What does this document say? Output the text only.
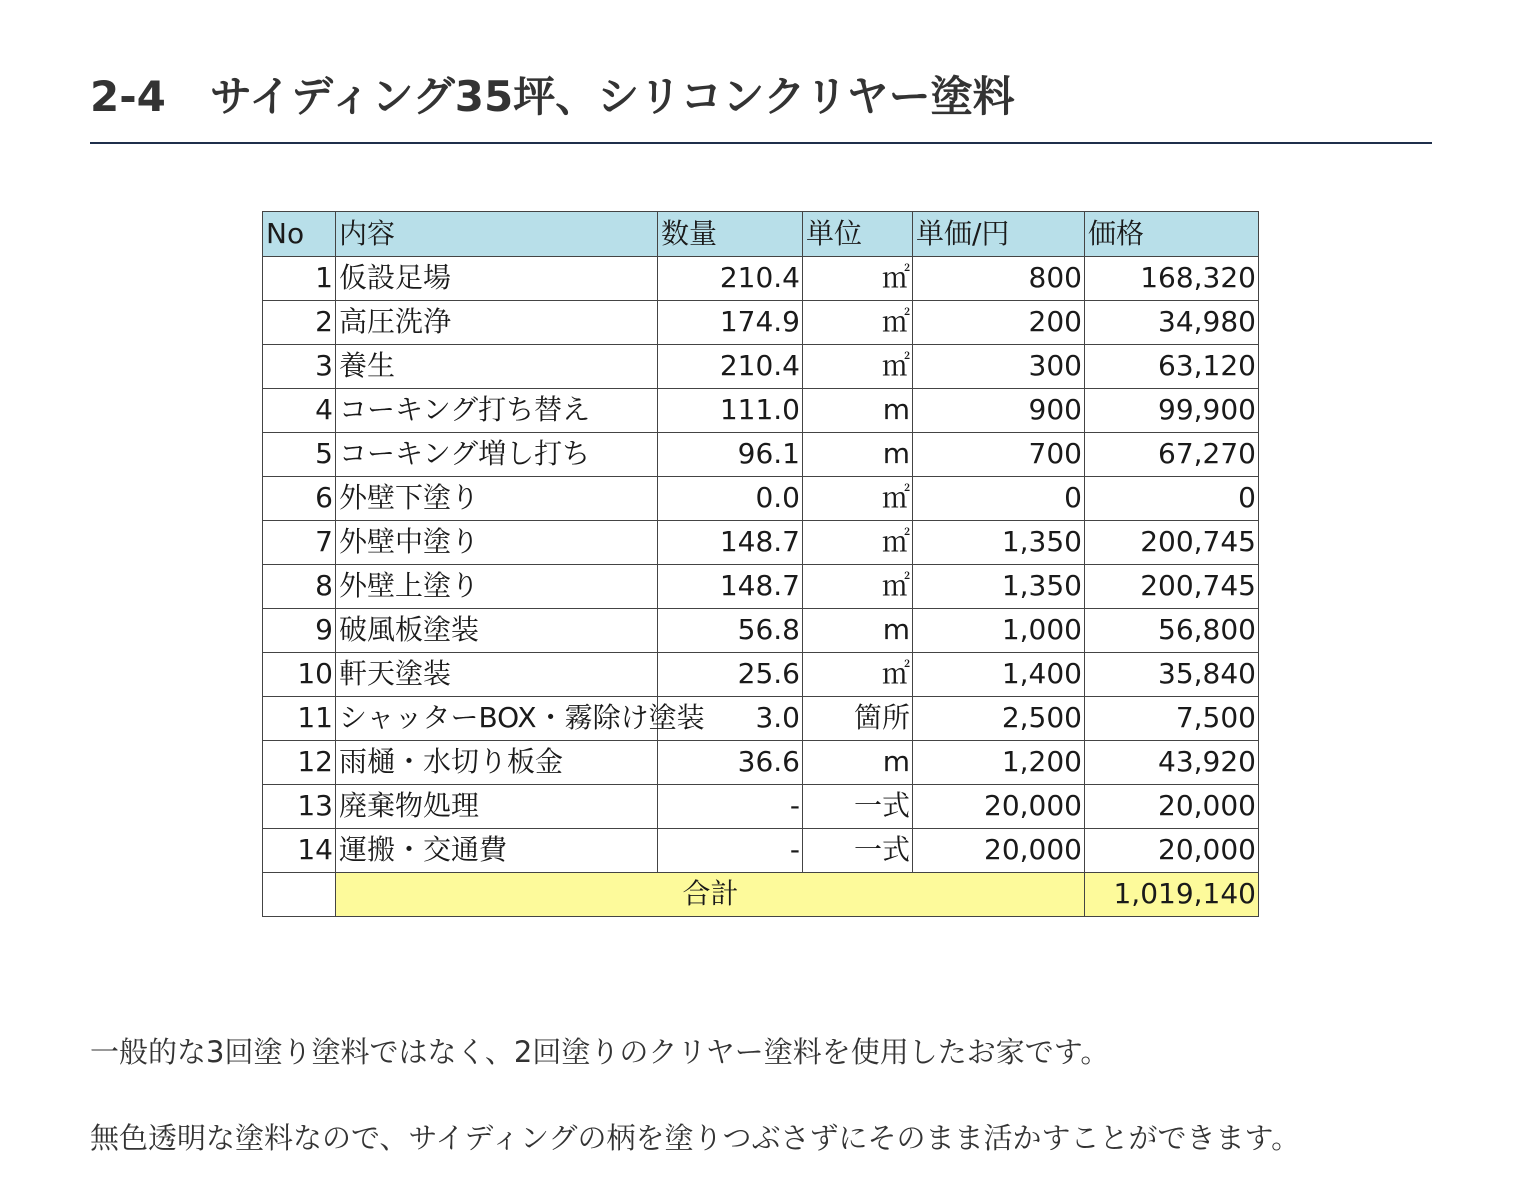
2-4 サイディング35坪、シリコンクリヤー塗料
No	内容	数量	単位	単価/円	価格
1	仮設足場	210.4	㎡	800	168,320
2	高圧洗浄	174.9	㎡	200	34,980
3	養生	210.4	㎡	300	63,120
4	コーキング打ち替え	111.0	m	900	99,900
5	コーキング増し打ち	96.1	m	700	67,270
6	外壁下塗り	0.0	㎡	0	0
7	外壁中塗り	148.7	㎡	1,350	200,745
8	外壁上塗り	148.7	㎡	1,350	200,745
9	破風板塗装	56.8	m	1,000	56,800
10	軒天塗装	25.6	㎡	1,400	35,840
11	シャッターBOX・霧除け塗装	3.0	箇所	2,500	7,500
12	雨樋・水切り板金	36.6	m	1,200	43,920
13	廃棄物処理	-	一式	20,000	20,000
14	運搬・交通費	-	一式	20,000	20,000
	合計				1,019,140
一般的な3回塗り塗料ではなく、2回塗りのクリヤー塗料を使用したお家です。
無色透明な塗料なので、サイディングの柄を塗りつぶさずにそのまま活かすことができます。
